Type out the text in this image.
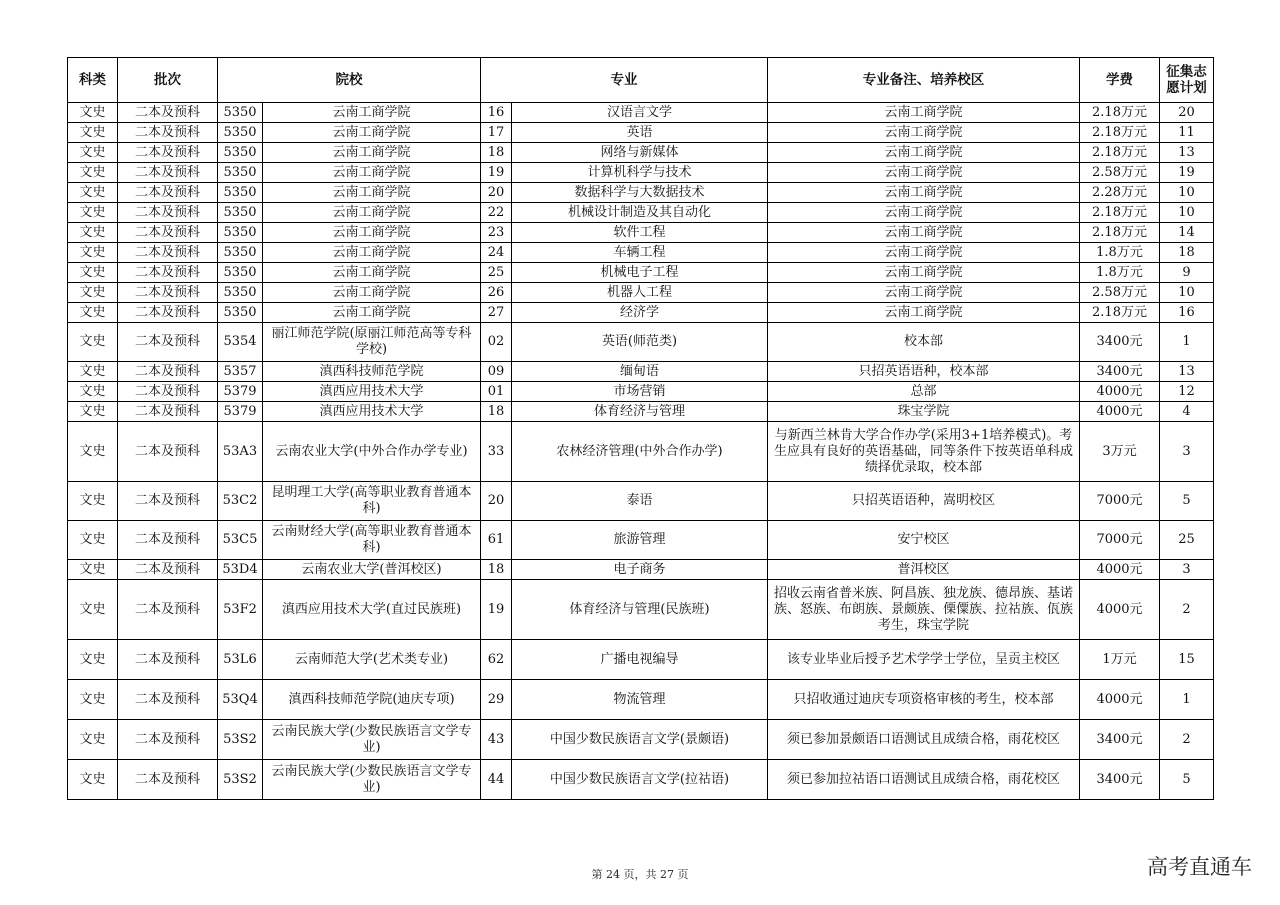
科类	批次	院校		专业		专业备注、培养校区	学费	征集志愿计划
文史	二本及预科	5350	云南工商学院	16	汉语言文学	云南工商学院	2.18万元	20
文史	二本及预科	5350	云南工商学院	17	英语	云南工商学院	2.18万元	11
文史	二本及预科	5350	云南工商学院	18	网络与新媒体	云南工商学院	2.18万元	13
文史	二本及预科	5350	云南工商学院	19	计算机科学与技术	云南工商学院	2.58万元	19
文史	二本及预科	5350	云南工商学院	20	数据科学与大数据技术	云南工商学院	2.28万元	10
文史	二本及预科	5350	云南工商学院	22	机械设计制造及其自动化	云南工商学院	2.18万元	10
文史	二本及预科	5350	云南工商学院	23	软件工程	云南工商学院	2.18万元	14
文史	二本及预科	5350	云南工商学院	24	车辆工程	云南工商学院	1.8万元	18
文史	二本及预科	5350	云南工商学院	25	机械电子工程	云南工商学院	1.8万元	9
文史	二本及预科	5350	云南工商学院	26	机器人工程	云南工商学院	2.58万元	10
文史	二本及预科	5350	云南工商学院	27	经济学	云南工商学院	2.18万元	16
文史	二本及预科	5354	丽江师范学院(原丽江师范高等专科学校)	02	英语(师范类)	校本部	3400元	1
文史	二本及预科	5357	滇西科技师范学院	09	缅甸语	只招英语语种，校本部	3400元	13
文史	二本及预科	5379	滇西应用技术大学	01	市场营销	总部	4000元	12
文史	二本及预科	5379	滇西应用技术大学	18	体育经济与管理	珠宝学院	4000元	4
文史	二本及预科	53A3	云南农业大学(中外合作办学专业)	33	农林经济管理(中外合作办学)	与新西兰林肯大学合作办学(采用3+1培养模式)。考生应具有良好的英语基础，同等条件下按英语单科成绩择优录取，校本部	3万元	3
文史	二本及预科	53C2	昆明理工大学(高等职业教育普通本科)	20	泰语	只招英语语种，嵩明校区	7000元	5
文史	二本及预科	53C5	云南财经大学(高等职业教育普通本科)	61	旅游管理	安宁校区	7000元	25
文史	二本及预科	53D4	云南农业大学(普洱校区)	18	电子商务	普洱校区	4000元	3
文史	二本及预科	53F2	滇西应用技术大学(直过民族班)	19	体育经济与管理(民族班)	招收云南省普米族、阿昌族、独龙族、德昂族、基诺族、怒族、布朗族、景颇族、傈僳族、拉祜族、佤族考生，珠宝学院	4000元	2
文史	二本及预科	53L6	云南师范大学(艺术类专业)	62	广播电视编导	该专业毕业后授予艺术学学士学位，呈贡主校区	1万元	15
文史	二本及预科	53Q4	滇西科技师范学院(迪庆专项)	29	物流管理	只招收通过迪庆专项资格审核的考生，校本部	4000元	1
文史	二本及预科	53S2	云南民族大学(少数民族语言文学专业)	43	中国少数民族语言文学(景颇语)	须已参加景颇语口语测试且成绩合格，雨花校区	3400元	2
文史	二本及预科	53S2	云南民族大学(少数民族语言文学专业)	44	中国少数民族语言文学(拉祜语)	须已参加拉祜语口语测试且成绩合格，雨花校区	3400元	5
第 24 页，共 27 页	高考直通车
